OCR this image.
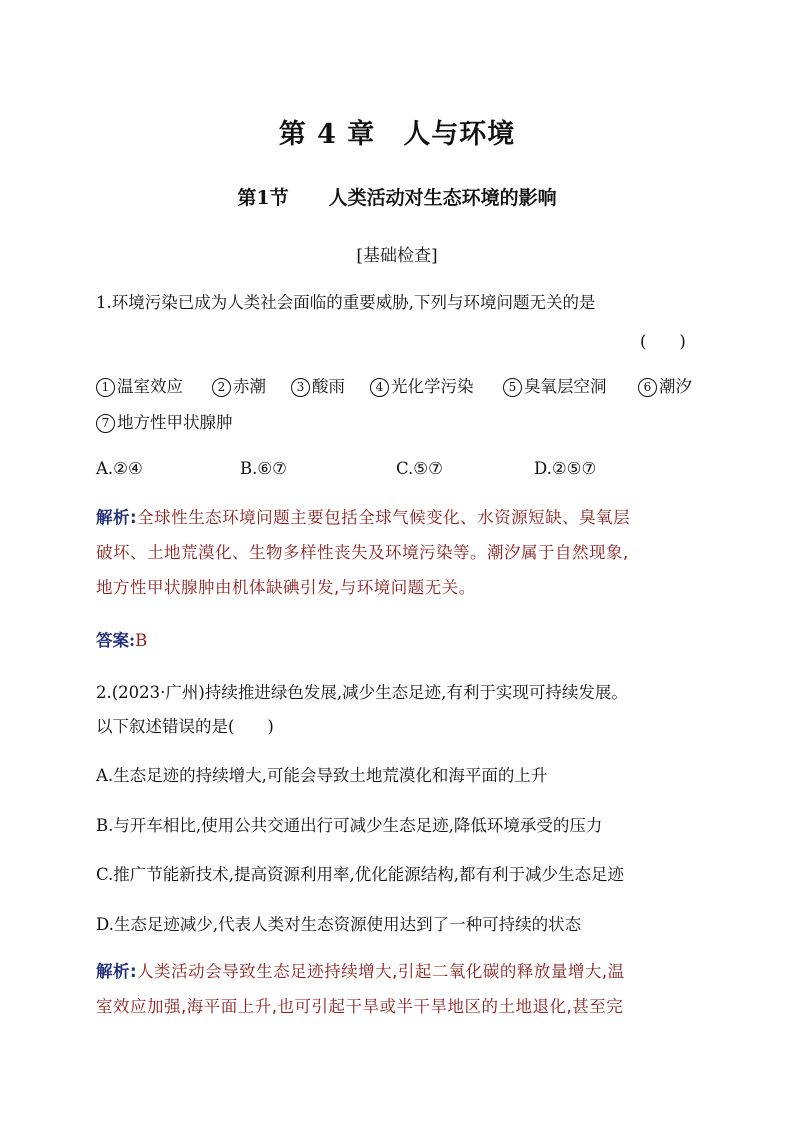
第 4 章　人与环境
第1节 人类活动对生态环境的影响
[基础检查]
1.环境污染已成为人类社会面临的重要威胁,下列与环境问题无关的是
(　　)
1 温室效应	2 赤潮	3 酸雨	4 光化学污染	5 臭氧层空洞	6 潮汐
7 地方性甲状腺肿
A.②④	B.⑥⑦	C.⑤⑦	D.②⑤⑦
解析:全球性生态环境问题主要包括全球气候变化、水资源短缺、臭氧层
破坏、土地荒漠化、生物多样性丧失及环境污染等。潮汐属于自然现象,
地方性甲状腺肿由机体缺碘引发,与环境问题无关。
答案:B
2.(2023·广州)持续推进绿色发展,减少生态足迹,有利于实现可持续发展。
以下叙述错误的是(　　)
A.生态足迹的持续增大,可能会导致土地荒漠化和海平面的上升
B.与开车相比,使用公共交通出行可减少生态足迹,降低环境承受的压力
C.推广节能新技术,提高资源利用率,优化能源结构,都有利于减少生态足迹
D.生态足迹减少,代表人类对生态资源使用达到了一种可持续的状态
解析:人类活动会导致生态足迹持续增大,引起二氧化碳的释放量增大,温
室效应加强,海平面上升,也可引起干旱或半干旱地区的土地退化,甚至完
